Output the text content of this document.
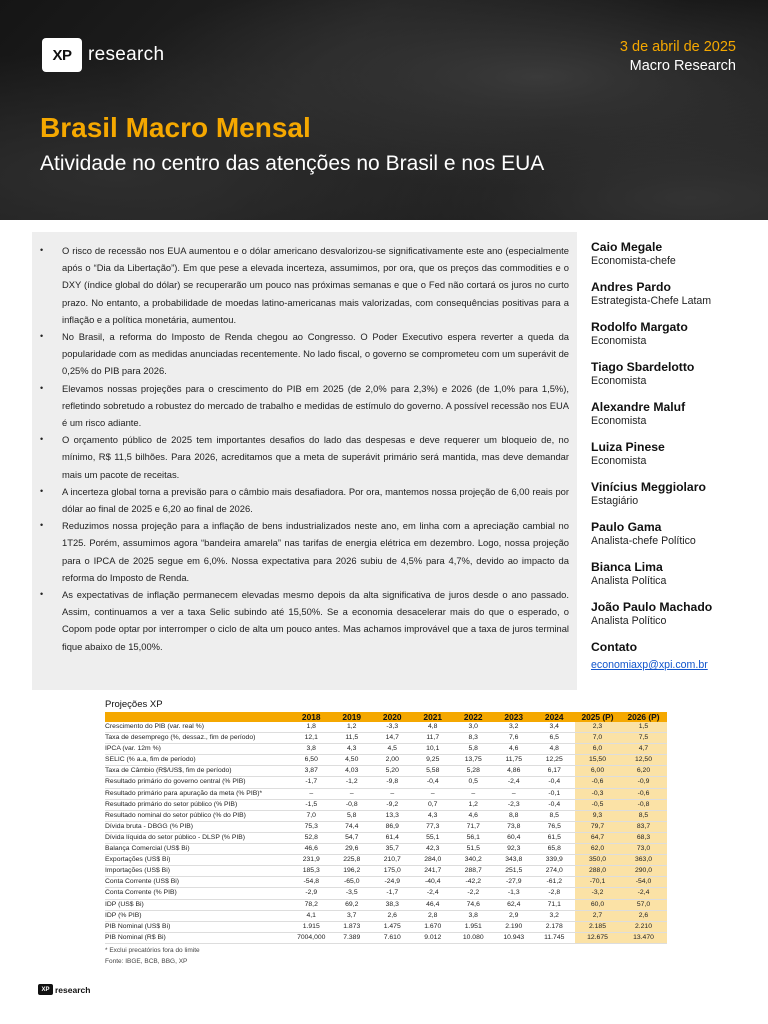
XP research	3 de abril de 2025
Macro Research
Brasil Macro Mensal
Atividade no centro das atenções no Brasil e nos EUA
• O risco de recessão nos EUA aumentou e o dólar americano desvalorizou-se significativamente este ano (especialmente após o “Dia da Libertação”). Em que pese a elevada incerteza, assumimos, por ora, que os preços das commodities e o DXY (índice global do dólar) se recuperarão um pouco nas próximas semanas e que o Fed não cortará os juros no curto prazo. No entanto, a probabilidade de moedas latino-americanas mais valorizadas, com consequências positivas para a inflação e a política monetária, aumentou.
• No Brasil, a reforma do Imposto de Renda chegou ao Congresso. O Poder Executivo espera reverter a queda da popularidade com as medidas anunciadas recentemente. No lado fiscal, o governo se comprometeu com um superávit de 0,25% do PIB para 2026.
• Elevamos nossas projeções para o crescimento do PIB em 2025 (de 2,0% para 2,3%) e 2026 (de 1,0% para 1,5%), refletindo sobretudo a robustez do mercado de trabalho e medidas de estímulo do governo. A possível recessão nos EUA é um risco adiante.
• O orçamento público de 2025 tem importantes desafios do lado das despesas e deve requerer um bloqueio de, no mínimo, R$ 11,5 bilhões. Para 2026, acreditamos que a meta de superávit primário será mantida, mas deve demandar mais um pacote de receitas.
• A incerteza global torna a previsão para o câmbio mais desafiadora. Por ora, mantemos nossa projeção de 6,00 reais por dólar ao final de 2025 e 6,20 ao final de 2026.
• Reduzimos nossa projeção para a inflação de bens industrializados neste ano, em linha com a apreciação cambial no 1T25. Porém, assumimos agora “bandeira amarela” nas tarifas de energia elétrica em dezembro. Logo, nossa projeção para o IPCA de 2025 segue em 6,0%. Nossa expectativa para 2026 subiu de 4,5% para 4,7%, devido ao impacto da reforma do Imposto de Renda.
• As expectativas de inflação permanecem elevadas mesmo depois da alta significativa de juros desde o ano passado. Assim, continuamos a ver a taxa Selic subindo até 15,50%. Se a economia desacelerar mais do que o esperado, o Copom pode optar por interromper o ciclo de alta um pouco antes. Mas achamos improvável que a taxa de juros terminal fique abaixo de 15,00%.
Caio Megale
Economista-chefe
Andres Pardo
Estrategista-Chefe Latam
Rodolfo Margato
Economista
Tiago Sbardelotto
Economista
Alexandre Maluf
Economista
Luiza Pinese
Economista
Vinícius Meggiolaro
Estagiário
Paulo Gama
Analista-chefe Político
Bianca Lima
Analista Política
João Paulo Machado
Analista Político
Contato
economiaxp@xpi.com.br
Projeções XP
	2018	2019	2020	2021	2022	2023	2024	2025 (P)	2026 (P)
Crescimento do PIB (var. real %)	1,8	1,2	-3,3	4,8	3,0	3,2	3,4	2,3	1,5
Taxa de desemprego (%, dessaz., fim de período)	12,1	11,5	14,7	11,7	8,3	7,6	6,5	7,0	7,5
IPCA (var. 12m %)	3,8	4,3	4,5	10,1	5,8	4,6	4,8	6,0	4,7
SELIC (% a.a, fim de período)	6,50	4,50	2,00	9,25	13,75	11,75	12,25	15,50	12,50
Taxa de Câmbio (R$/US$, fim de período)	3,87	4,03	5,20	5,58	5,28	4,86	6,17	6,00	6,20
Resultado primário do governo central (% PIB)	-1,7	-1,2	-9,8	-0,4	0,5	-2,4	-0,4	-0,6	-0,9
Resultado primário para apuração da meta (% PIB)*	–	–	–	–	–	–	-0,1	-0,3	-0,6
Resultado primário do setor público (% PIB)	-1,5	-0,8	-9,2	0,7	1,2	-2,3	-0,4	-0,5	-0,8
Resultado nominal do setor público (% do PIB)	7,0	5,8	13,3	4,3	4,6	8,8	8,5	9,3	8,5
Dívida bruta - DBGG (% PIB)	75,3	74,4	86,9	77,3	71,7	73,8	76,5	79,7	83,7
Dívida líquida do setor público - DLSP (% PIB)	52,8	54,7	61,4	55,1	56,1	60,4	61,5	64,7	68,3
Balança Comercial (US$ Bi)	46,6	29,6	35,7	42,3	51,5	92,3	65,8	62,0	73,0
Exportações (US$ Bi)	231,9	225,8	210,7	284,0	340,2	343,8	339,9	350,0	363,0
Importações (US$ Bi)	185,3	196,2	175,0	241,7	288,7	251,5	274,0	288,0	290,0
Conta Corrente (US$ Bi)	-54,8	-65,0	-24,9	-40,4	-42,2	-27,9	-61,2	-70,1	-54,0
Conta Corrente (% PIB)	-2,9	-3,5	-1,7	-2,4	-2,2	-1,3	-2,8	-3,2	-2,4
IDP (US$ Bi)	78,2	69,2	38,3	46,4	74,6	62,4	71,1	60,0	57,0
IDP (% PIB)	4,1	3,7	2,6	2,8	3,8	2,9	3,2	2,7	2,6
PIB Nominal (US$ Bi)	1.915	1.873	1.475	1.670	1.951	2.190	2.178	2.185	2.210
PIB Nominal (R$ Bi)	7004,000	7.389	7.610	9.012	10.080	10.943	11.745	12.675	13.470
* Exclui precatórios fora do limite
Fonte: IBGE, BCB, BBG, XP
XP research
